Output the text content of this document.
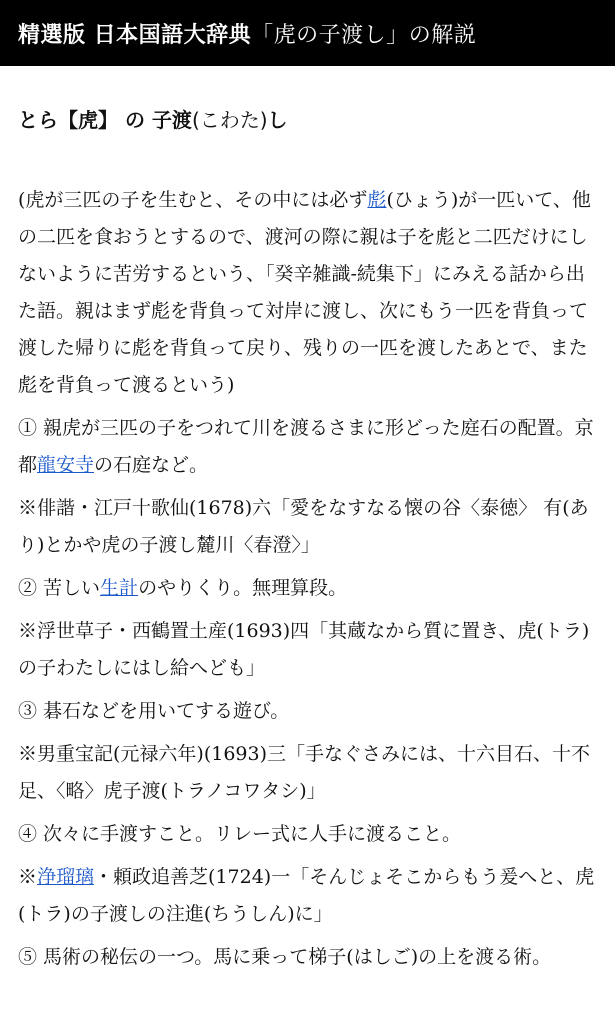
精選版 日本国語大辞典 「虎の子渡し」 の解説
とら【虎】 の 子渡(こわた)し

(虎が三匹の子を生むと、その中には必ず彪(ひょう)が一匹いて、他の二匹を食おうとするので、渡河の際に親は子を彪と二匹だけにしないように苦労するという、「癸辛雑識-続集下」にみえる話から出た語。親はまず彪を背負って対岸に渡し、次にもう一匹を背負って渡した帰りに彪を背負って戻り、残りの一匹を渡したあとで、また彪を背負って渡るという)

① 親虎が三匹の子をつれて川を渡るさまに形どった庭石の配置。京都龍安寺の石庭など。

※俳諧・江戸十歌仙(1678)六「愛をなすなる懐の谷〈泰徳〉 有(あり)とかや虎の子渡し麓川〈春澄〉」

② 苦しい生計のやりくり。無理算段。

※浮世草子・西鶴置土産(1693)四「其蔵なから質に置き、虎(トラ)の子わたしにはし給へども」

③ 碁石などを用いてする遊び。

※男重宝記(元禄六年)(1693)三「手なぐさみには、十六目石、十不足、〈略〉虎子渡(トラノコワタシ)」

④ 次々に手渡すこと。リレー式に人手に渡ること。

※浄瑠璃・頼政追善芝(1724)一「そんじょそこからもう爰へと、虎(トラ)の子渡しの注進(ちうしん)に」

⑤ 馬術の秘伝の一つ。馬に乗って梯子(はしご)の上を渡る術。
